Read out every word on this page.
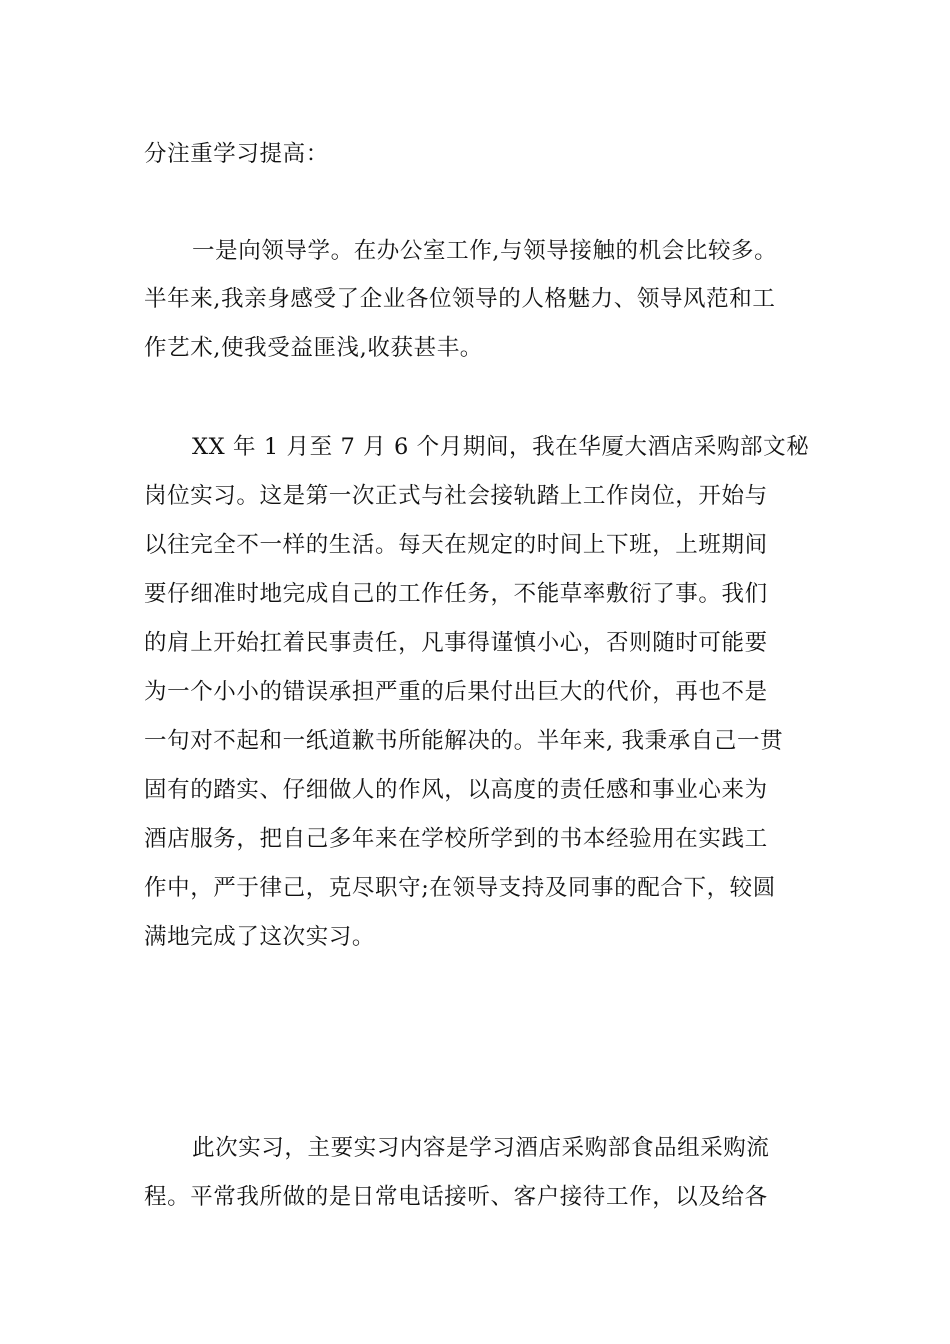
分注重学习提高：
一是向领导学。在办公室工作,与领导接触的机会比较多。
半年来,我亲身感受了企业各位领导的人格魅力、领导风范和工
作艺术,使我受益匪浅,收获甚丰。
XX 年 1 月至 7 月 6 个月期间，我在华厦大酒店采购部文秘
岗位实习。这是第一次正式与社会接轨踏上工作岗位，开始与
以往完全不一样的生活。每天在规定的时间上下班，上班期间
要仔细准时地完成自己的工作任务，不能草率敷衍了事。我们
的肩上开始扛着民事责任，凡事得谨慎小心，否则随时可能要
为一个小小的错误承担严重的后果付出巨大的代价，再也不是
一句对不起和一纸道歉书所能解决的。半年来, 我秉承自己一贯
固有的踏实、仔细做人的作风，以高度的责任感和事业心来为
酒店服务，把自己多年来在学校所学到的书本经验用在实践工
作中，严于律己，克尽职守;在领导支持及同事的配合下，较圆
满地完成了这次实习。
此次实习，主要实习内容是学习酒店采购部食品组采购流
程。平常我所做的是日常电话接听、客户接待工作，以及给各
